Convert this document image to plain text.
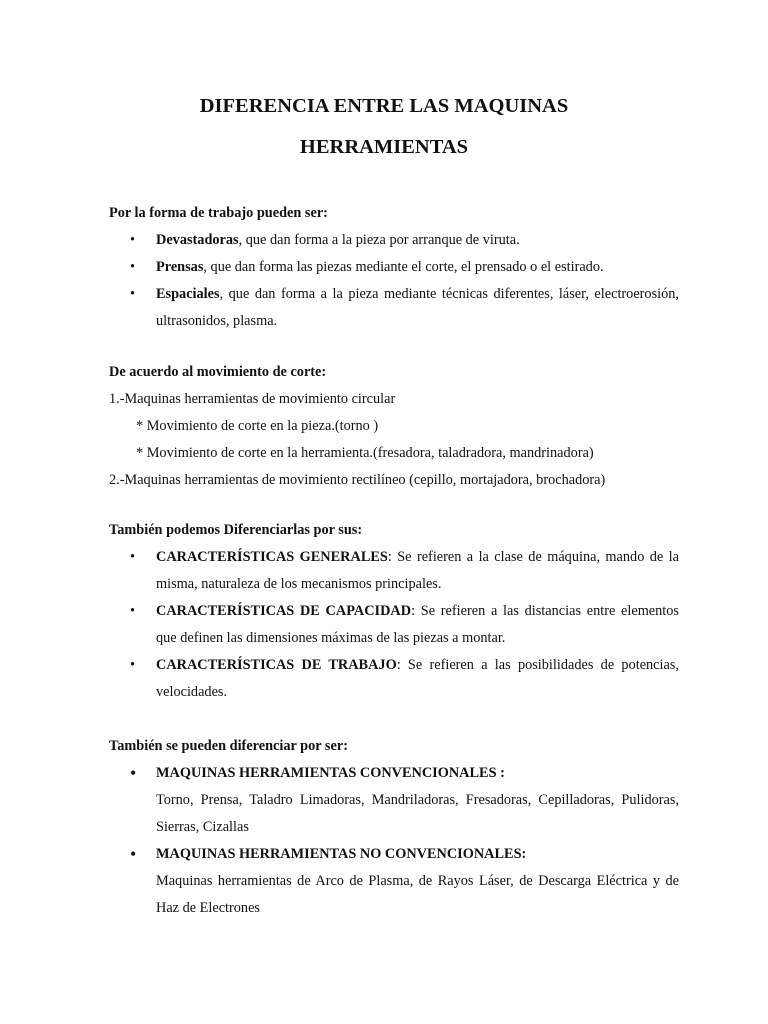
DIFERENCIA ENTRE LAS MAQUINAS
HERRAMIENTAS
Por la forma de trabajo pueden ser:
• Devastadoras, que dan forma a la pieza por arranque de viruta.
• Prensas, que dan forma las piezas mediante el corte, el prensado o el estirado.
• Espaciales, que dan forma a la pieza mediante técnicas diferentes, láser, electroerosión, ultrasonidos, plasma.
De acuerdo al movimiento de corte:

1.-Maquinas herramientas de movimiento circular

* Movimiento de corte en la pieza.(torno )

* Movimiento de corte en la herramienta.(fresadora, taladradora, mandrinadora)

2.-Maquinas herramientas de movimiento rectilíneo (cepillo, mortajadora, brochadora)

También podemos Diferenciarlas por sus:
• CARACTERÍSTICAS GENERALES: Se refieren a la clase de máquina, mando de la misma, naturaleza de los mecanismos principales.
• CARACTERÍSTICAS DE CAPACIDAD: Se refieren a las distancias entre elementos que definen las dimensiones máximas de las piezas a montar.
• CARACTERÍSTICAS DE TRABAJO: Se refieren a las posibilidades de potencias, velocidades.
También se pueden diferenciar por ser:
• MAQUINAS HERRAMIENTAS CONVENCIONALES :
Torno, Prensa, Taladro Limadoras, Mandriladoras, Fresadoras, Cepilladoras, Pulidoras, Sierras, Cizallas
• MAQUINAS HERRAMIENTAS NO CONVENCIONALES:
Maquinas herramientas de Arco de Plasma, de Rayos Láser, de Descarga Eléctrica y de Haz de Electrones
